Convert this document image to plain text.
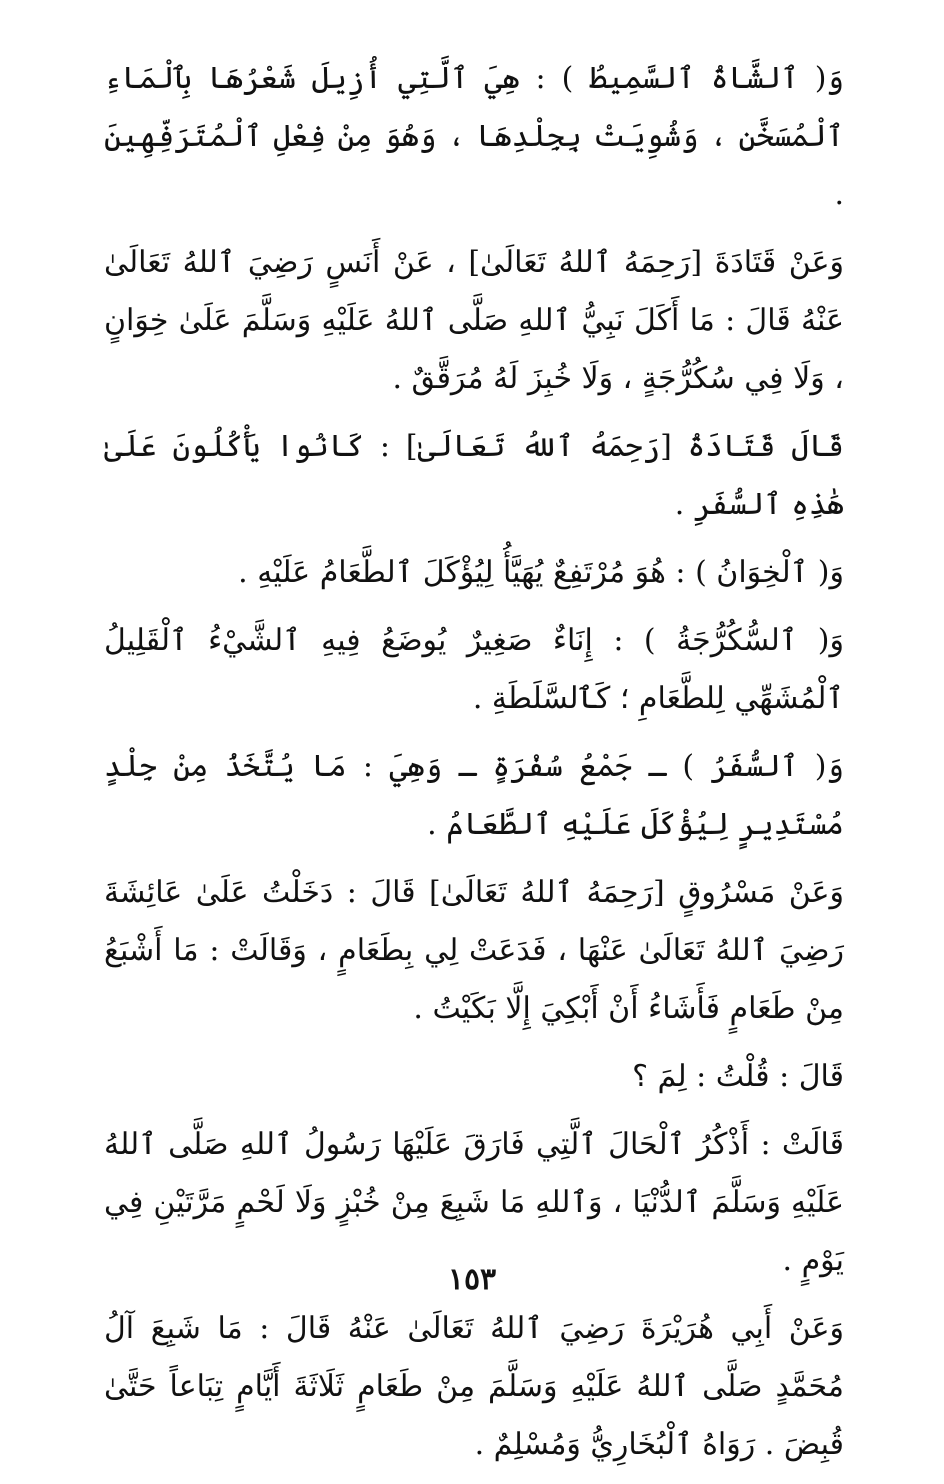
وَ( ٱلشَّاةُ ٱلسَّمِيطُ ) : هِيَ ٱلَّتِي أُزِيلَ شَعْرُهَا بِٱلْمَاءِ ٱلْمُسَخَّنِ ، وَشُوِيَتْ بِجِلْدِهَا ، وَهُوَ مِنْ فِعْلِ ٱلْمُتَرَفِّهِينَ .

وَعَنْ قَتَادَةَ [رَحِمَهُ ٱللهُ تَعَالَىٰ] ، عَنْ أَنَسٍ رَضِيَ ٱللهُ تَعَالَىٰ عَنْهُ قَالَ : مَا أَكَلَ نَبِيُّ ٱللهِ صَلَّى ٱللهُ عَلَيْهِ وَسَلَّمَ عَلَىٰ خِوَانٍ ، وَلَا فِي سُكُرُّجَةٍ ، وَلَا خُبِزَ لَهُ مُرَقَّقٌ .

قَالَ قَتَادَةُ [رَحِمَهُ ٱللهُ تَعَالَىٰ] : كَانُوا يَأْكُلُونَ عَلَىٰ هَٰذِهِ ٱلسُّفَرِ .

وَ( ٱلْخِوَانُ ) : هُوَ مُرْتَفِعٌ يُهَيَّأُ لِيُؤْكَلَ ٱلطَّعَامُ عَلَيْهِ .

وَ( ٱلسُّكُرُّجَةُ ) : إِنَاءٌ صَغِيرٌ يُوضَعُ فِيهِ ٱلشَّيْءُ ٱلْقَلِيلُ ٱلْمُشَهِّي لِلطَّعَامِ ؛ كَٱلسَّلَطَةِ .

وَ( ٱلسُّفَرُ ) ـ جَمْعُ سُفْرَةٍ ـ وَهِيَ : مَا يُتَّخَذُ مِنْ جِلْدٍ مُسْتَدِيرٍ لِيُؤْكَلَ عَلَيْهِ ٱلطَّعَامُ .

وَعَنْ مَسْرُوقٍ [رَحِمَهُ ٱللهُ تَعَالَىٰ] قَالَ : دَخَلْتُ عَلَىٰ عَائِشَةَ رَضِيَ ٱللهُ تَعَالَىٰ عَنْهَا ، فَدَعَتْ لِي بِطَعَامٍ ، وَقَالَتْ : مَا أَشْبَعُ مِنْ طَعَامٍ فَأَشَاءُ أَنْ أَبْكِيَ إِلَّا بَكَيْتُ .

قَالَ : قُلْتُ : لِمَ ؟

قَالَتْ : أَذْكُرُ ٱلْحَالَ ٱلَّتِي فَارَقَ عَلَيْهَا رَسُولُ ٱللهِ صَلَّى ٱللهُ عَلَيْهِ وَسَلَّمَ ٱلدُّنْيَا ، وَٱللهِ مَا شَبِعَ مِنْ خُبْزٍ وَلَا لَحْمٍ مَرَّتَيْنِ فِي يَوْمٍ .

وَعَنْ أَبِي هُرَيْرَةَ رَضِيَ ٱللهُ تَعَالَىٰ عَنْهُ قَالَ : مَا شَبِعَ آلُ مُحَمَّدٍ صَلَّى ٱللهُ عَلَيْهِ وَسَلَّمَ مِنْ طَعَامٍ ثَلَاثَةَ أَيَّامٍ تِبَاعاً حَتَّىٰ قُبِضَ . رَوَاهُ ٱلْبُخَارِيُّ وَمُسْلِمٌ .

١٥٣
